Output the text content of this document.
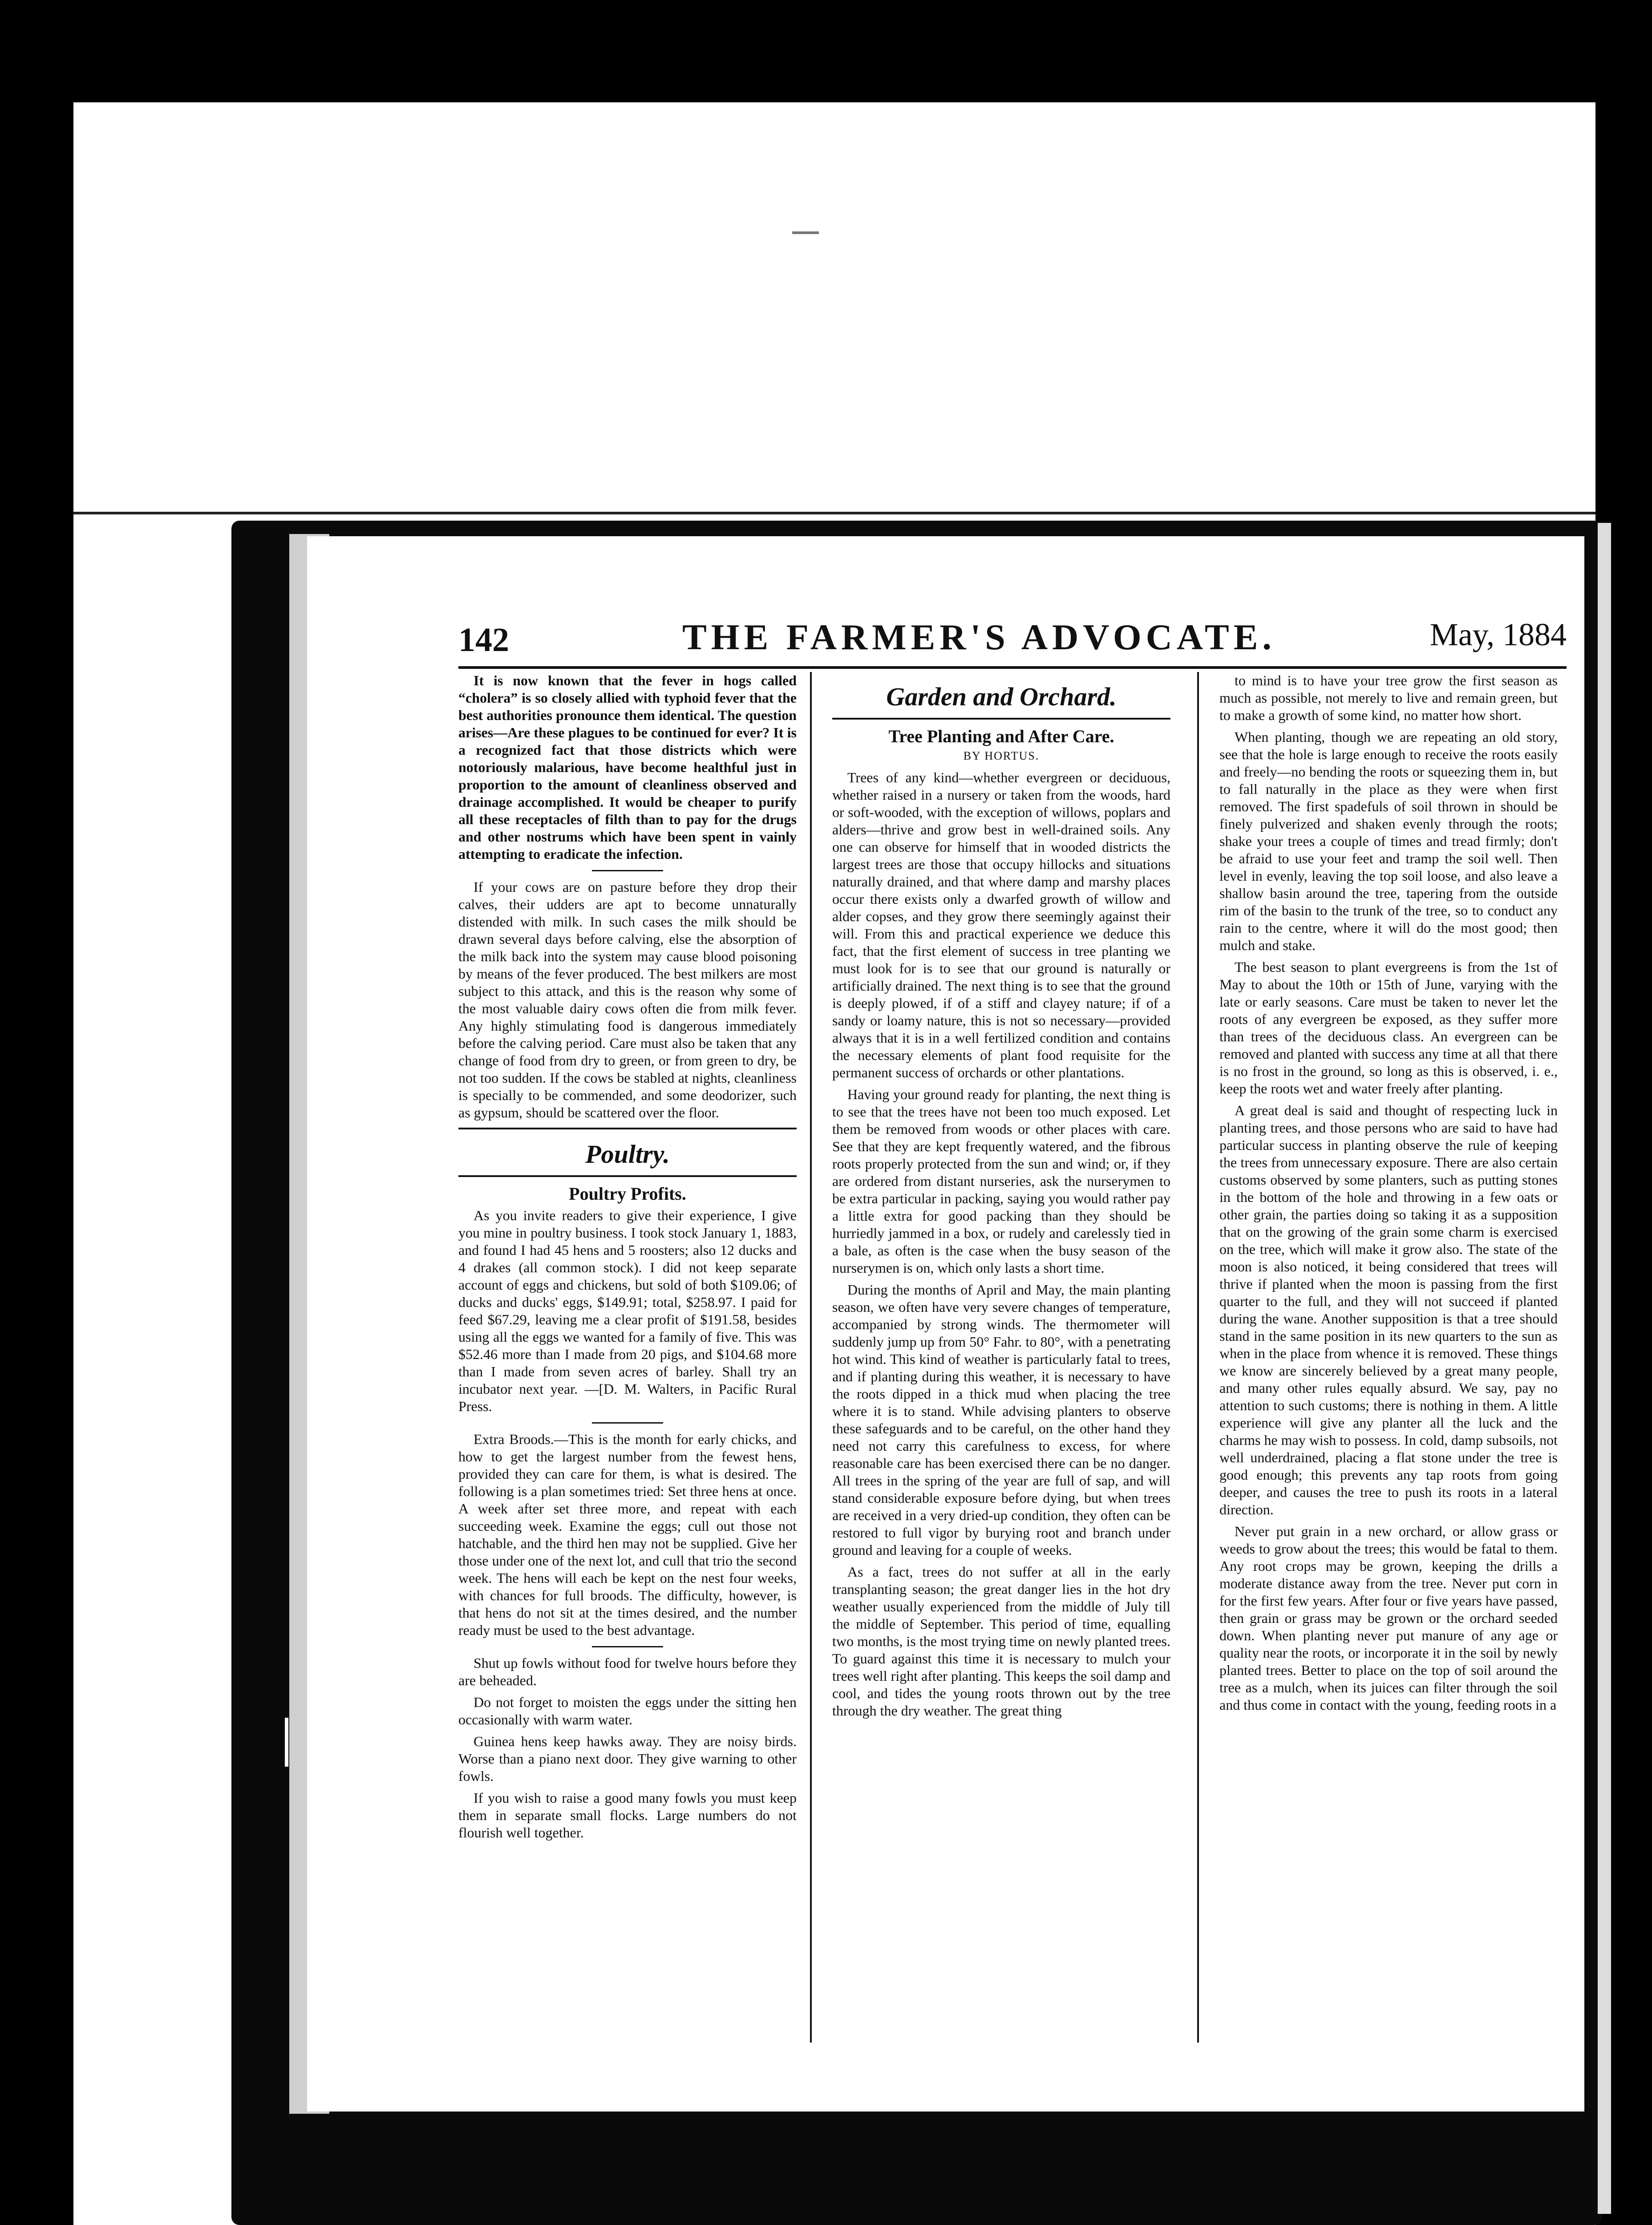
142	THE FARMER'S ADVOCATE.	May, 1884

It is now known that the fever in hogs called “cholera” is so closely allied with typhoid fever that the best authorities pronounce them identical. The question arises—Are these plagues to be continued for ever? It is a recognized fact that those districts which were notoriously malarious, have become healthful just in proportion to the amount of cleanliness observed and drainage accomplished. It would be cheaper to purify all these receptacles of filth than to pay for the drugs and other nostrums which have been spent in vainly attempting to eradicate the infection.

If your cows are on pasture before they drop their calves, their udders are apt to become unnaturally distended with milk. In such cases the milk should be drawn several days before calving, else the absorption of the milk back into the system may cause blood poisoning by means of the fever produced. The best milkers are most subject to this attack, and this is the reason why some of the most valuable dairy cows often die from milk fever. Any highly stimulating food is dangerous immediately before the calving period. Care must also be taken that any change of food from dry to green, or from green to dry, be not too sudden. If the cows be stabled at nights, cleanliness is specially to be commended, and some deodorizer, such as gypsum, should be scattered over the floor.

Poultry.
Poultry Profits.

As you invite readers to give their experience, I give you mine in poultry business. I took stock January 1, 1883, and found I had 45 hens and 5 roosters; also 12 ducks and 4 drakes (all common stock). I did not keep separate account of eggs and chickens, but sold of both $109.06; of ducks and ducks' eggs, $149.91; total, $258.97. I paid for feed $67.29, leaving me a clear profit of $191.58, besides using all the eggs we wanted for a family of five. This was $52.46 more than I made from 20 pigs, and $104.68 more than I made from seven acres of barley. Shall try an incubator next year. —[D. M. Walters, in Pacific Rural Press.

Extra Broods.—This is the month for early chicks, and how to get the largest number from the fewest hens, provided they can care for them, is what is desired. The following is a plan sometimes tried: Set three hens at once. A week after set three more, and repeat with each succeeding week. Examine the eggs; cull out those not hatchable, and the third hen may not be supplied. Give her those under one of the next lot, and cull that trio the second week. The hens will each be kept on the nest four weeks, with chances for full broods. The difficulty, however, is that hens do not sit at the times desired, and the number ready must be used to the best advantage.

Shut up fowls without food for twelve hours before they are beheaded.

Do not forget to moisten the eggs under the sitting hen occasionally with warm water.

Guinea hens keep hawks away. They are noisy birds. Worse than a piano next door. They give warning to other fowls.

If you wish to raise a good many fowls you must keep them in separate small flocks. Large numbers do not flourish well together.

Garden and Orchard.
Tree Planting and After Care.
BY HORTUS.

Trees of any kind—whether evergreen or deciduous, whether raised in a nursery or taken from the woods, hard or soft-wooded, with the exception of willows, poplars and alders—thrive and grow best in well-drained soils. Any one can observe for himself that in wooded districts the largest trees are those that occupy hillocks and situations naturally drained, and that where damp and marshy places occur there exists only a dwarfed growth of willow and alder copses, and they grow there seemingly against their will. From this and practical experience we deduce this fact, that the first element of success in tree planting we must look for is to see that our ground is naturally or artificially drained. The next thing is to see that the ground is deeply plowed, if of a stiff and clayey nature; if of a sandy or loamy nature, this is not so necessary—provided always that it is in a well fertilized condition and contains the necessary elements of plant food requisite for the permanent success of orchards or other plantations.

Having your ground ready for planting, the next thing is to see that the trees have not been too much exposed. Let them be removed from woods or other places with care. See that they are kept frequently watered, and the fibrous roots properly protected from the sun and wind; or, if they are ordered from distant nurseries, ask the nurserymen to be extra particular in packing, saying you would rather pay a little extra for good packing than they should be hurriedly jammed in a box, or rudely and carelessly tied in a bale, as often is the case when the busy season of the nurserymen is on, which only lasts a short time.

During the months of April and May, the main planting season, we often have very severe changes of temperature, accompanied by strong winds. The thermometer will suddenly jump up from 50° Fahr. to 80°, with a penetrating hot wind. This kind of weather is particularly fatal to trees, and if planting during this weather, it is necessary to have the roots dipped in a thick mud when placing the tree where it is to stand. While advising planters to observe these safeguards and to be careful, on the other hand they need not carry this carefulness to excess, for where reasonable care has been exercised there can be no danger. All trees in the spring of the year are full of sap, and will stand considerable exposure before dying, but when trees are received in a very dried-up condition, they often can be restored to full vigor by burying root and branch under ground and leaving for a couple of weeks.

As a fact, trees do not suffer at all in the early transplanting season; the great danger lies in the hot dry weather usually experienced from the middle of July till the middle of September. This period of time, equalling two months, is the most trying time on newly planted trees. To guard against this time it is necessary to mulch your trees well right after planting. This keeps the soil damp and cool, and tides the young roots thrown out by the tree through the dry weather. The great thing

to mind is to have your tree grow the first season as much as possible, not merely to live and remain green, but to make a growth of some kind, no matter how short.

When planting, though we are repeating an old story, see that the hole is large enough to receive the roots easily and freely—no bending the roots or squeezing them in, but to fall naturally in the place as they were when first removed. The first spadefuls of soil thrown in should be finely pulverized and shaken evenly through the roots; shake your trees a couple of times and tread firmly; don't be afraid to use your feet and tramp the soil well. Then level in evenly, leaving the top soil loose, and also leave a shallow basin around the tree, tapering from the outside rim of the basin to the trunk of the tree, so to conduct any rain to the centre, where it will do the most good; then mulch and stake.

The best season to plant evergreens is from the 1st of May to about the 10th or 15th of June, varying with the late or early seasons. Care must be taken to never let the roots of any evergreen be exposed, as they suffer more than trees of the deciduous class. An evergreen can be removed and planted with success any time at all that there is no frost in the ground, so long as this is observed, i. e., keep the roots wet and water freely after planting.

A great deal is said and thought of respecting luck in planting trees, and those persons who are said to have had particular success in planting observe the rule of keeping the trees from unnecessary exposure. There are also certain customs observed by some planters, such as putting stones in the bottom of the hole and throwing in a few oats or other grain, the parties doing so taking it as a supposition that on the growing of the grain some charm is exercised on the tree, which will make it grow also. The state of the moon is also noticed, it being considered that trees will thrive if planted when the moon is passing from the first quarter to the full, and they will not succeed if planted during the wane. Another supposition is that a tree should stand in the same position in its new quarters to the sun as when in the place from whence it is removed. These things we know are sincerely believed by a great many people, and many other rules equally absurd. We say, pay no attention to such customs; there is nothing in them. A little experience will give any planter all the luck and the charms he may wish to possess. In cold, damp subsoils, not well underdrained, placing a flat stone under the tree is good enough; this prevents any tap roots from going deeper, and causes the tree to push its roots in a lateral direction.

Never put grain in a new orchard, or allow grass or weeds to grow about the trees; this would be fatal to them. Any root crops may be grown, keeping the drills a moderate distance away from the tree. Never put corn in for the first few years. After four or five years have passed, then grain or grass may be grown or the orchard seeded down. When planting never put manure of any age or quality near the roots, or incorporate it in the soil by newly planted trees. Better to place on the top of soil around the tree as a mulch, when its juices can filter through the soil and thus come in contact with the young, feeding roots in a
